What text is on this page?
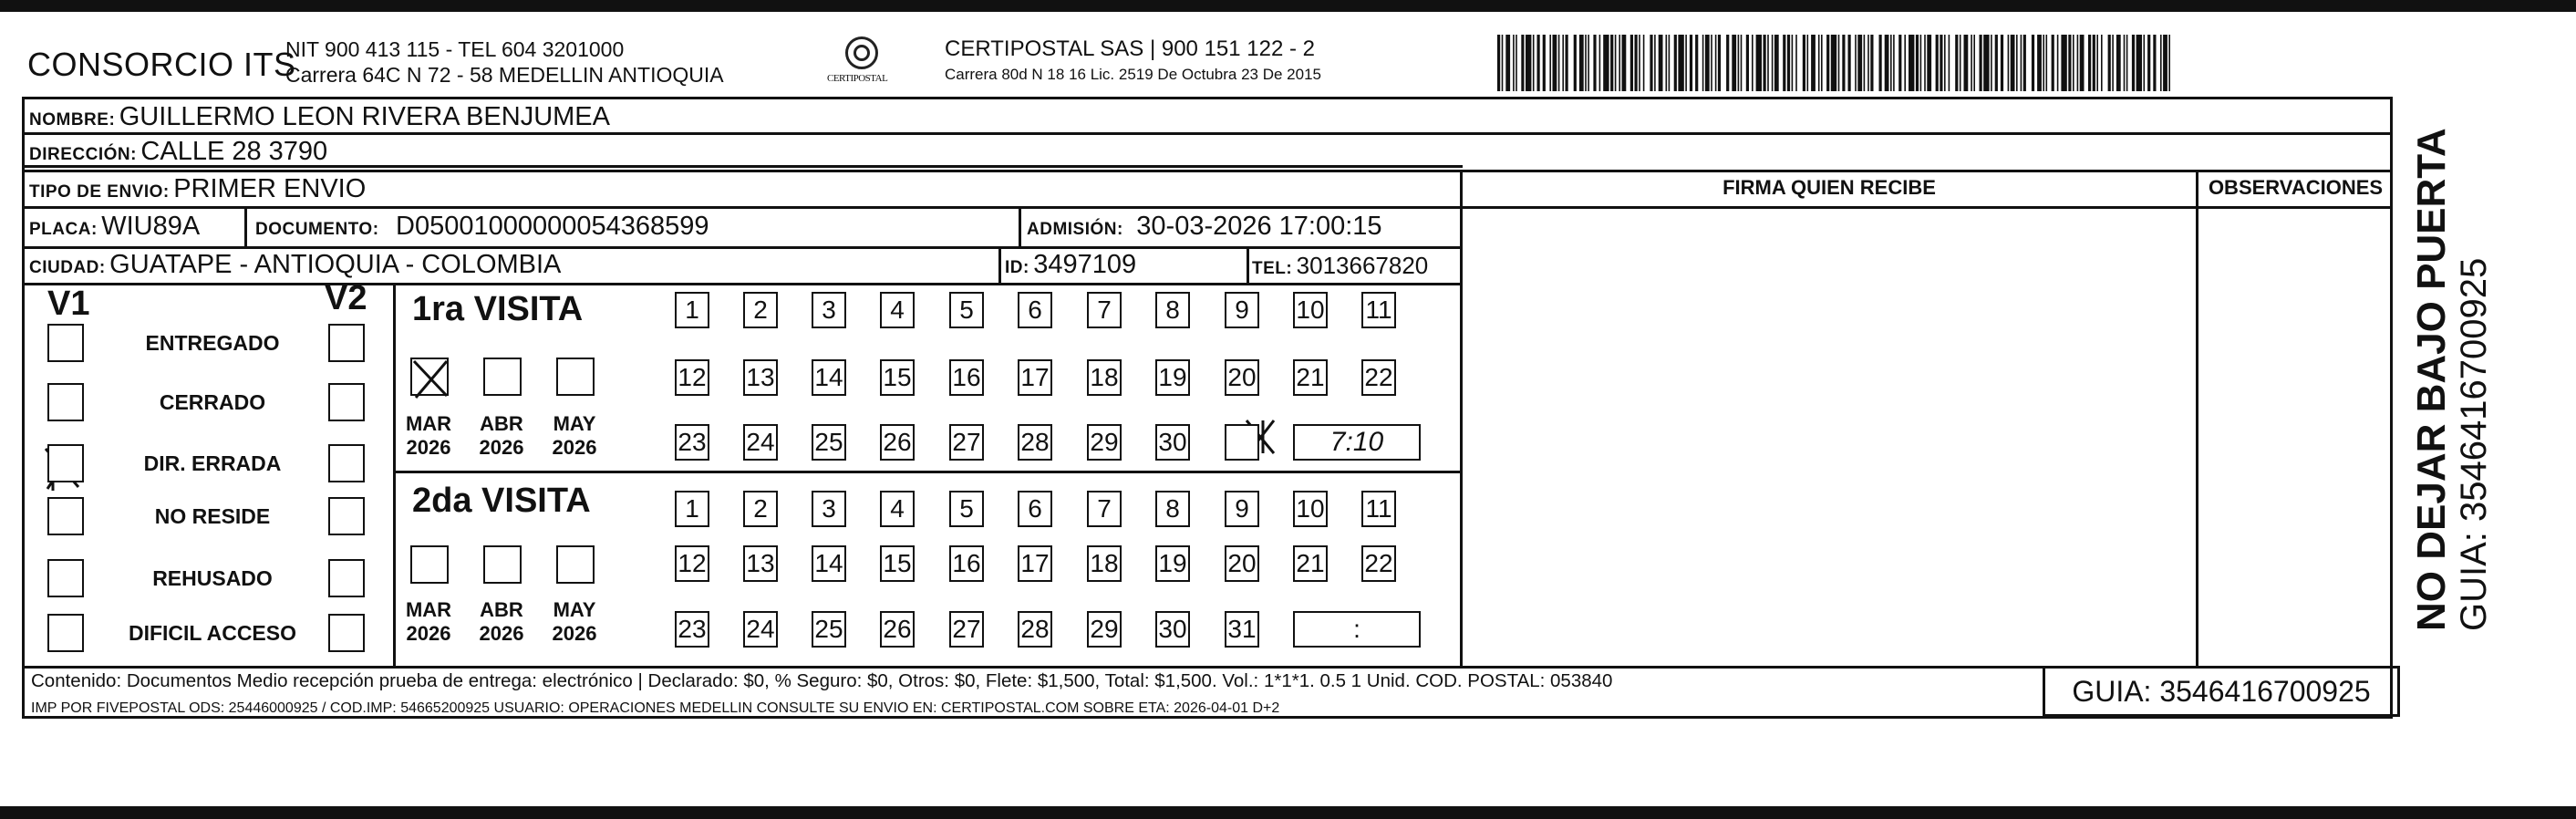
CONSORCIO ITS
NIT 900 413 115 - TEL 604 3201000
Carrera 64C N 72 - 58 MEDELLIN ANTIOQUIA	CERTIPOSTAL
CERTIPOSTAL SAS | 900 151 122 - 2
Carrera 80d N 18 16 Lic. 2519 De Octubra 23 De 2015
NOMBRE: GUILLERMO LEON RIVERA BENJUMEA
DIRECCIÓN: CALLE 28 3790
TIPO DE ENVIO: PRIMER ENVIO
PLACA: WIU89A	DOCUMENTO: D05001000000054368599	ADMISIÓN: 30-03-2026 17:00:15
CIUDAD: GUATAPE - ANTIOQUIA - COLOMBIA	ID: 3497109	TEL: 3013667820
FIRMA QUIEN RECIBE	OBSERVACIONES
Contenido: Documentos Medio recepción prueba de entrega: electrónico | Declarado: $0, % Seguro: $0, Otros: $0, Flete: $1,500, Total: $1,500. Vol.: 1*1*1. 0.5 1 Unid. COD. POSTAL: 053840
IMP POR FIVEPOSTAL ODS: 25446000925 / COD.IMP: 54665200925 USUARIO: OPERACIONES MEDELLIN CONSULTE SU ENVIO EN: CERTIPOSTAL.COM SOBRE ETA: 2026-04-01 D+2
GUIA: 3546416700925
NO DEJAR BAJO PUERTA GUIA: 3546416700925
V1	V2
ENTREGADO
CERRADO
DIR. ERRADA
NO RESIDE
REHUSADO
DIFICIL ACCESO
1ra VISITA
2da VISITA
MAR
2026
ABR
2026
MAY
2026
MAR
2026
ABR
2026
MAY
2026
1	2	3	4	5	6	7	8	9	10 11
12 13 14 15 16 17 18 19 20 21 22
23 24 25 26 27 28 29 30	7:10
1	2	3	4	5	6	7	8	9	10 11
12 13 14 15 16 17 18 19 20 21 22
23 24 25 26 27 28 29 30 31	:
